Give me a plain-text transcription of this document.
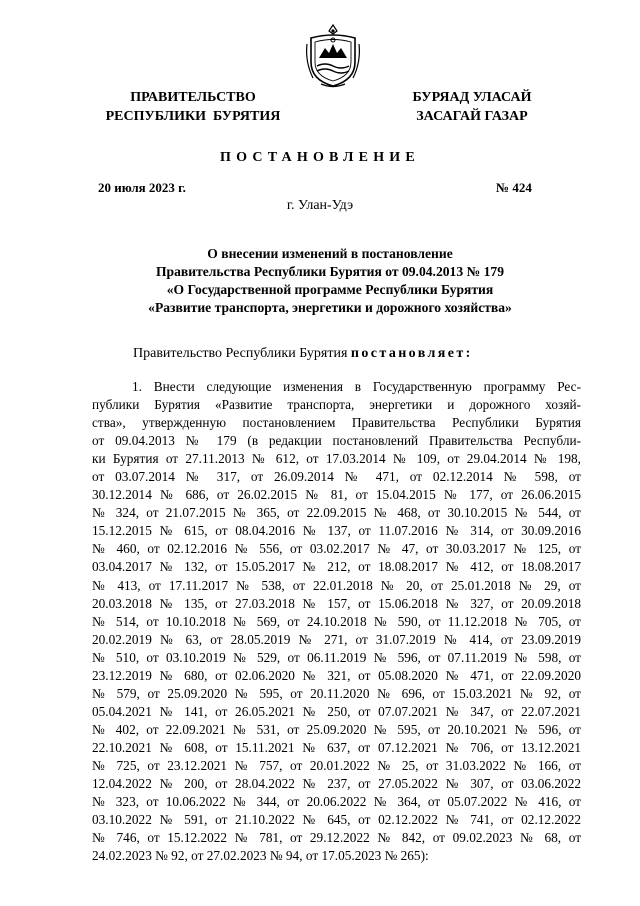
ПРАВИТЕЛЬСТВО
РЕСПУБЛИКИ  БУРЯТИЯ
БУРЯАД УЛАСАЙ
ЗАСАГАЙ ГАЗАР
ПОСТАНОВЛЕНИЕ
20 июля 2023 г.	№ 424
г. Улан-Удэ
О внесении изменений в постановление
Правительства Республики Бурятия от 09.04.2013 № 179
«О Государственной программе Республики Бурятия
«Развитие транспорта, энергетики и дорожного хозяйства»
Правительство Республики Бурятия постановляет:
1. Внести следующие изменения в Государственную программу Рес-
публики Бурятия «Развитие транспорта, энергетики и дорожного хозяй-
ства», утвержденную постановлением Правительства Республики Бурятия
от 09.04.2013 № 179 (в редакции постановлений Правительства Республи-
ки Бурятия от 27.11.2013 № 612, от 17.03.2014 № 109, от 29.04.2014 № 198,
от 03.07.2014 № 317, от 26.09.2014 № 471, от 02.12.2014 № 598, от
30.12.2014 № 686, от 26.02.2015 № 81, от 15.04.2015 № 177, от 26.06.2015
№ 324, от 21.07.2015 № 365, от 22.09.2015 № 468, от 30.10.2015 № 544, от
15.12.2015 № 615, от 08.04.2016 № 137, от 11.07.2016 № 314, от 30.09.2016
№ 460, от 02.12.2016 № 556, от 03.02.2017 № 47, от 30.03.2017 № 125, от
03.04.2017 № 132, от 15.05.2017 № 212, от 18.08.2017 № 412, от 18.08.2017
№ 413, от 17.11.2017 № 538, от 22.01.2018 № 20, от 25.01.2018 № 29, от
20.03.2018 № 135, от 27.03.2018 № 157, от 15.06.2018 № 327, от 20.09.2018
№ 514, от 10.10.2018 № 569, от 24.10.2018 № 590, от 11.12.2018 № 705, от
20.02.2019 № 63, от 28.05.2019 № 271, от 31.07.2019 № 414, от 23.09.2019
№ 510, от 03.10.2019 № 529, от 06.11.2019 № 596, от 07.11.2019 № 598, от
23.12.2019 № 680, от 02.06.2020 № 321, от 05.08.2020 № 471, от 22.09.2020
№ 579, от 25.09.2020 № 595, от 20.11.2020 № 696, от 15.03.2021 № 92, от
05.04.2021 № 141, от 26.05.2021 № 250, от 07.07.2021 № 347, от 22.07.2021
№ 402, от 22.09.2021 № 531, от 25.09.2020 № 595, от 20.10.2021 № 596, от
22.10.2021 № 608, от 15.11.2021 № 637, от 07.12.2021 № 706, от 13.12.2021
№ 725, от 23.12.2021 № 757, от 20.01.2022 № 25, от 31.03.2022 № 166, от
12.04.2022 № 200, от 28.04.2022 № 237, от 27.05.2022 № 307, от 03.06.2022
№ 323, от 10.06.2022 № 344, от 20.06.2022 № 364, от 05.07.2022 № 416, от
03.10.2022 № 591, от 21.10.2022 № 645, от 02.12.2022 № 741, от 02.12.2022
№ 746, от 15.12.2022 № 781, от 29.12.2022 № 842, от 09.02.2023 № 68, от
24.02.2023 № 92, от 27.02.2023 № 94, от 17.05.2023 № 265):
